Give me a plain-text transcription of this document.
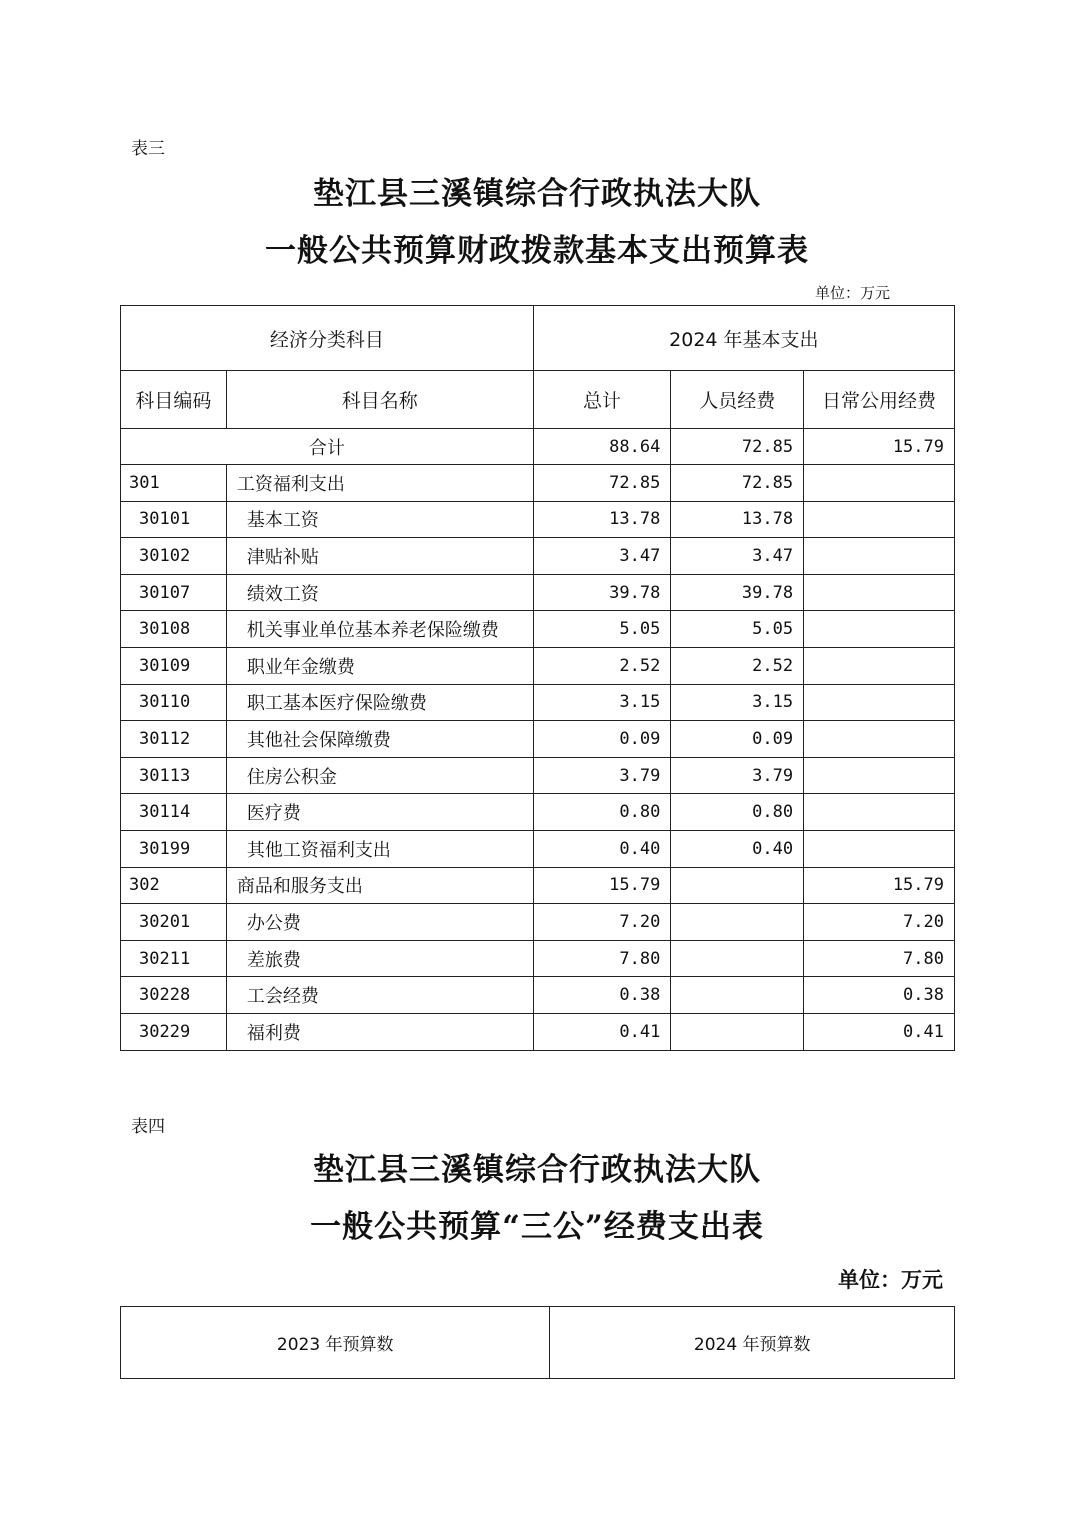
表三
垫江县三溪镇综合行政执法大队
一般公共预算财政拨款基本支出预算表
单位：万元
经济分类科目		2024 年基本支出		
科目编码	科目名称	总计	人员经费	日常公用经费
合计		88.64	72.85	15.79
301	工资福利支出	72.85	72.85	
30101	基本工资	13.78	13.78	
30102	津贴补贴	3.47	3.47	
30107	绩效工资	39.78	39.78	
30108	机关事业单位基本养老保险缴费	5.05	5.05	
30109	职业年金缴费	2.52	2.52	
30110	职工基本医疗保险缴费	3.15	3.15	
30112	其他社会保障缴费	0.09	0.09	
30113	住房公积金	3.79	3.79	
30114	医疗费	0.80	0.80	
30199	其他工资福利支出	0.40	0.40	
302	商品和服务支出	15.79		15.79
30201	办公费	7.20		7.20
30211	差旅费	7.80		7.80
30228	工会经费	0.38		0.38
30229	福利费	0.41		0.41
表四
垫江县三溪镇综合行政执法大队
一般公共预算“三公”经费支出表
单位：万元
2023 年预算数	2024 年预算数
